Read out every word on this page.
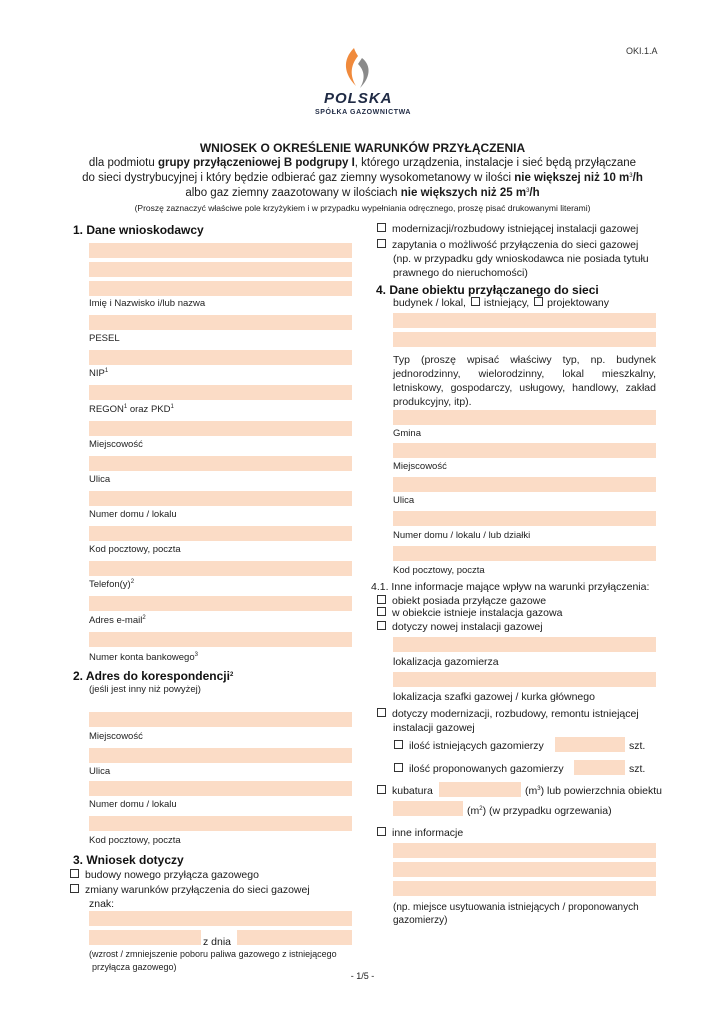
OKI.1.A
POLSKA
SPÓŁKA GAZOWNICTWA
WNIOSEK O OKREŚLENIE WARUNKÓW PRZYŁĄCZENIA
dla podmiotu grupy przyłączeniowej B podgrupy I, którego urządzenia, instalacje i sieć będą przyłączane
do sieci dystrybucyjnej i który będzie odbierać gaz ziemny wysokometanowy w ilości nie większej niż 10 $m^3/h$
albo gaz ziemny zaazotowany w ilościach nie większych niż 25 $m^3/h$
(Proszę zaznaczyć właściwe pole krzyżykiem i w przypadku wypełniania odręcznego, proszę pisać drukowanymi literami)
1. Dane wnioskodawcy
Imię i Nazwisko i/lub nazwa
PESEL
NIP$^1$
REGON$^1$ oraz PKD$^1$
Miejscowość
Ulica
Numer domu / lokalu
Kod pocztowy, poczta
$Telefon(y)^2$
Adres e-mail$^2$
Numer konta bankowego$^3$
2. Adres do korespondencji$^2$
(jeśli jest inny niż powyżej)
Miejscowość
Ulica
Numer domu / lokalu
Kod pocztowy, poczta
3. Wniosek dotyczy
budowy nowego przyłącza gazowego
zmiany warunków przyłączenia do sieci gazowej
znak:
z dnia
(wzrost / zmniejszenie poboru paliwa gazowego z istniejącego
przyłącza gazowego)
modernizacji/rozbudowy istniejącej instalacji gazowej
zapytania o możliwość przyłączenia do sieci gazowej
(np. w przypadku gdy wnioskodawca nie posiada tytułu
prawnego do nieruchomości)
4. Dane obiektu przyłączanego do sieci
budynek / lokal, istniejący, projektowany
Typ (proszę wpisać właściwy typ, np. budynek
jednorodzinny, wielorodzinny, lokal mieszkalny,
letniskowy, gospodarczy, usługowy, handlowy, zakład
produkcyjny, itp).
Gmina
Miejscowość
Ulica
Numer domu / lokalu / lub działki
Kod pocztowy, poczta
4.1. Inne informacje mające wpływ na warunki przyłączenia:
obiekt posiada przyłącze gazowe
w obiekcie istnieje instalacja gazowa
dotyczy nowej instalacji gazowej
lokalizacja gazomierza
lokalizacja szafki gazowej / kurka głównego
dotyczy modernizacji, rozbudowy, remontu istniejącej
instalacji gazowej
ilość istniejących gazomierzy	szt.
ilość proponowanych gazomierzy	szt.
kubatura	$(m^3)$ lub powierzchnia obiektu
$(m^2)$ (w przypadku ogrzewania)
inne informacje
(np. miejsce usytuowania istniejących / proponowanych
gazomierzy)
- 1/5 -
